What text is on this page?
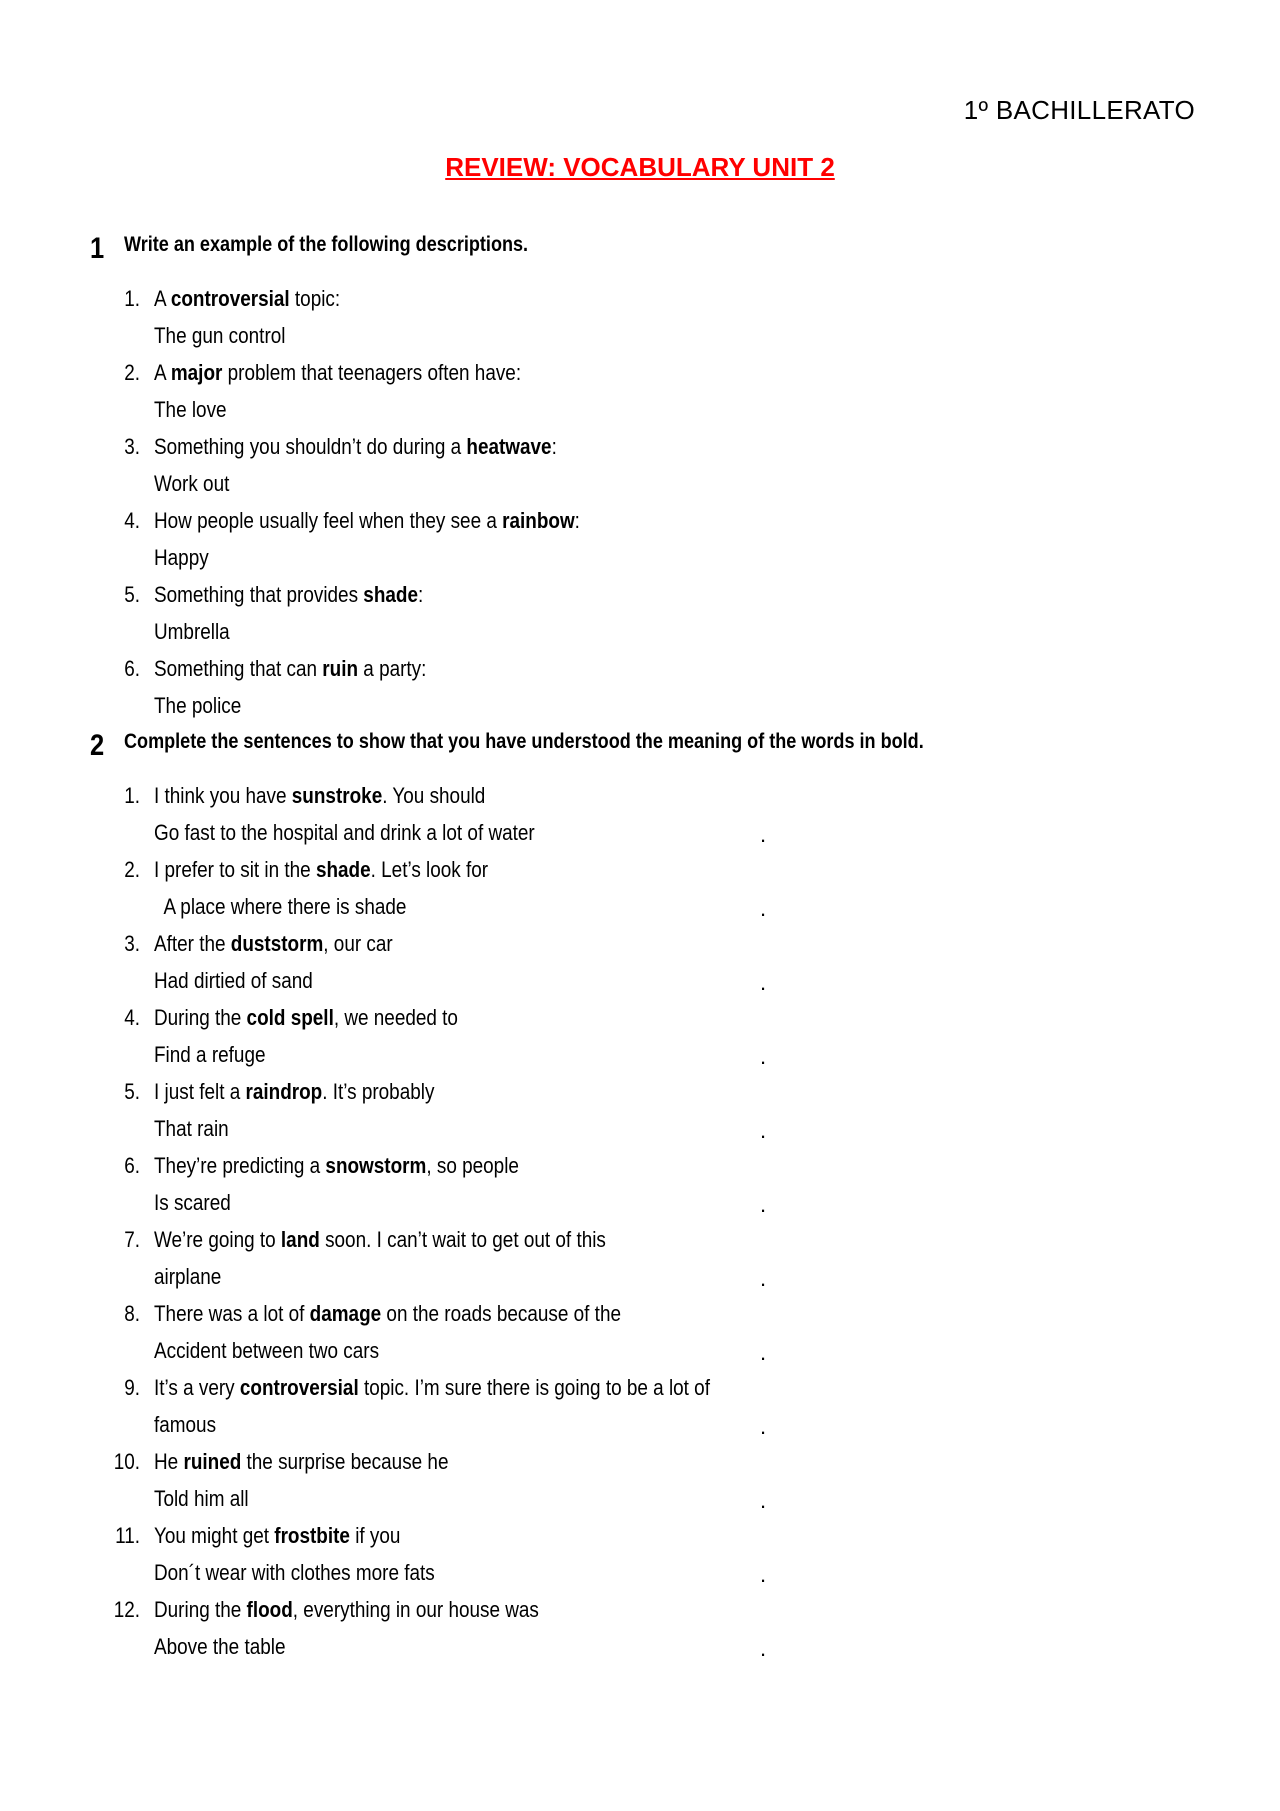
1º BACHILLERATO
REVIEW: VOCABULARY UNIT 2
1 Write an example of the following descriptions.
1. A controversial topic:
The gun control
2. A major problem that teenagers often have:
The love
3. Something you shouldn’t do during a heatwave:
Work out
4. How people usually feel when they see a rainbow:
Happy
5. Something that provides shade:
Umbrella
6. Something that can ruin a party:
The police
2 Complete the sentences to show that you have understood the meaning of the words in bold.
1. I think you have sunstroke. You should
Go fast to the hospital and drink a lot of water	.
2. I prefer to sit in the shade. Let’s look for
A place where there is shade	.
3. After the duststorm, our car
Had dirtied of sand	.
4. During the cold spell, we needed to
Find a refuge	.
5. I just felt a raindrop. It’s probably
That rain	.
6. They’re predicting a snowstorm, so people
Is scared	.
7. We’re going to land soon. I can’t wait to get out of this
airplane	.
8. There was a lot of damage on the roads because of the
Accident between two cars	.
9. It’s a very controversial topic. I’m sure there is going to be a lot of
famous	.
10. He ruined the surprise because he
Told him all	.
11. You might get frostbite if you
Don´t wear with clothes more fats	.
12. During the flood, everything in our house was
Above the table	.
